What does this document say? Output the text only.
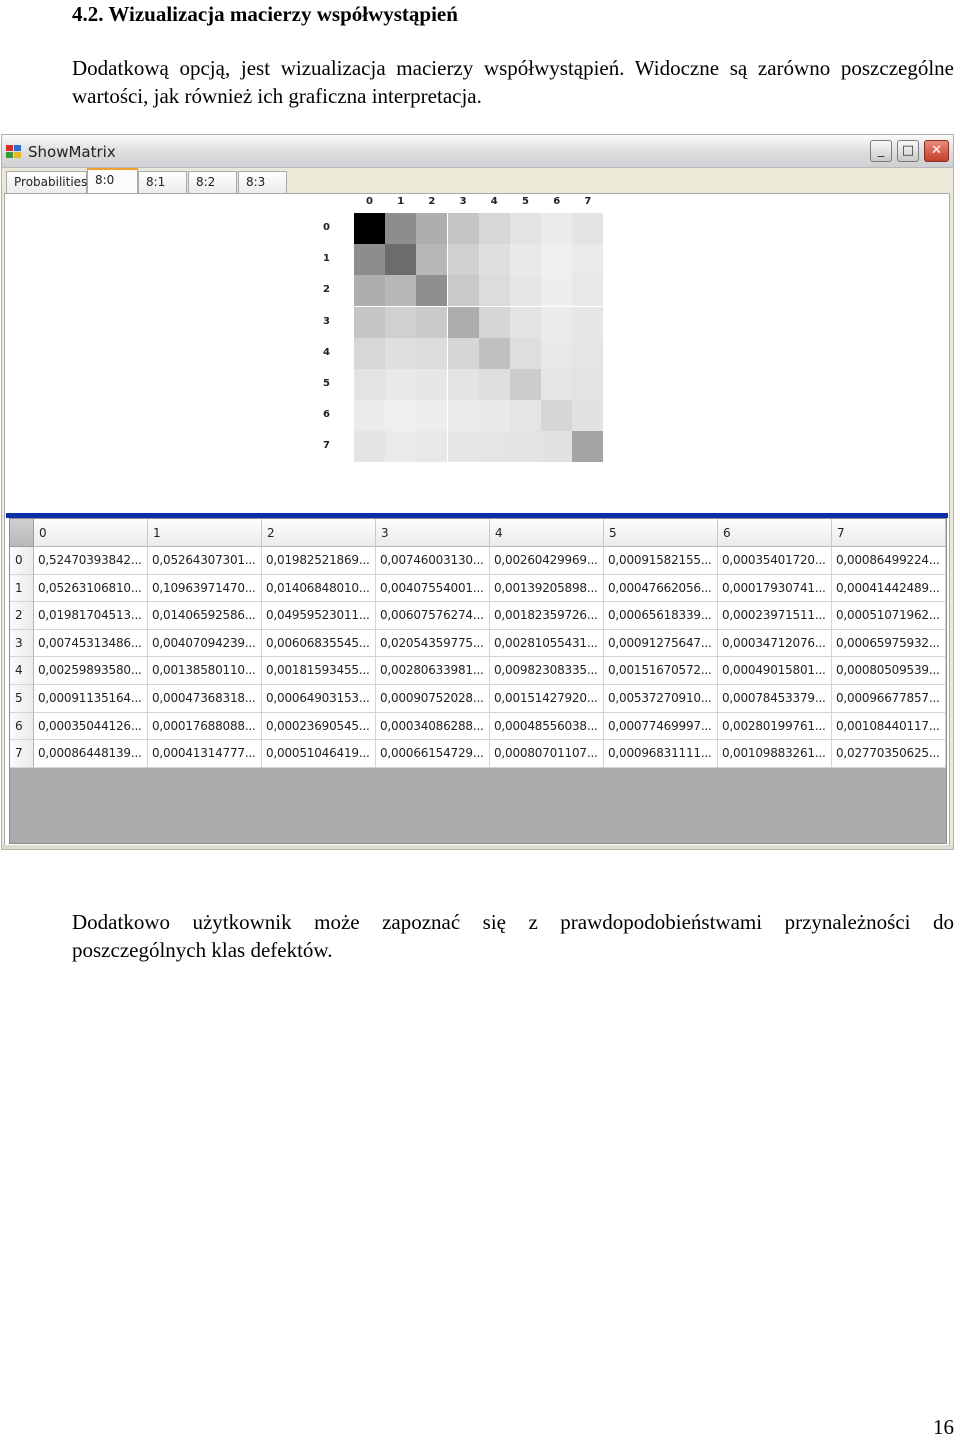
4.2. Wizualizacja macierzy współwystąpień
Dodatkową opcją, jest wizualizacja macierzy współwystąpień. Widoczne są zarówno poszczególne wartości, jak również ich graficzna interpretacja.
ShowMatrix	_	□	✕
Probabilities 8:0	8:1	8:2	8:3
0
0
1
1
2
2
3
3
4
4
5
5
6
6
7
7
0	1	2	3	4	5	6	7
0	0,52470393842... 0,05264307301... 0,01982521869... 0,00746003130... 0,00260429969... 0,00091582155... 0,00035401720... 0,00086499224...
1	0,05263106810... 0,10963971470... 0,01406848010... 0,00407554001... 0,00139205898... 0,00047662056... 0,00017930741... 0,00041442489...
2	0,01981704513... 0,01406592586... 0,04959523011... 0,00607576274... 0,00182359726... 0,00065618339... 0,00023971511... 0,00051071962...
3	0,00745313486... 0,00407094239... 0,00606835545... 0,02054359775... 0,00281055431... 0,00091275647... 0,00034712076... 0,00065975932...
4	0,00259893580... 0,00138580110... 0,00181593455... 0,00280633981... 0,00982308335... 0,00151670572... 0,00049015801... 0,00080509539...
5	0,00091135164... 0,00047368318... 0,00064903153... 0,00090752028... 0,00151427920... 0,00537270910... 0,00078453379... 0,00096677857...
6	0,00035044126... 0,00017688088... 0,00023690545... 0,00034086288... 0,00048556038... 0,00077469997... 0,00280199761... 0,00108440117...
7	0,00086448139... 0,00041314777... 0,00051046419... 0,00066154729... 0,00080701107... 0,00096831111... 0,00109883261... 0,02770350625...
Dodatkowo użytkownik może zapoznać się z prawdopodobieństwami przynależności do poszczególnych klas defektów.
16
